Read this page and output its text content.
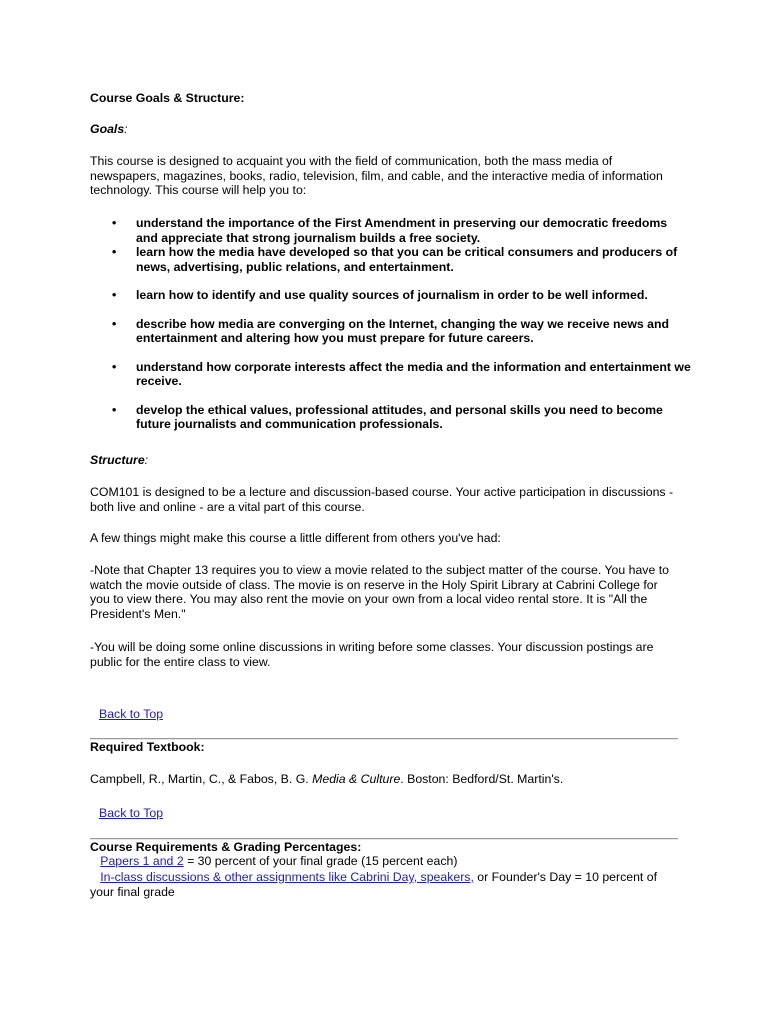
Course Goals & Structure:
Goals:
This course is designed to acquaint you with the field of communication, both the mass media of newspapers, magazines, books, radio, television, film, and cable, and the interactive media of information technology. This course will help you to:
• understand the importance of the First Amendment in preserving our democratic freedoms and appreciate that strong journalism builds a free society.
• learn how the media have developed so that you can be critical consumers and producers of news, advertising, public relations, and entertainment.
• learn how to identify and use quality sources of journalism in order to be well informed.
• describe how media are converging on the Internet, changing the way we receive news and entertainment and altering how you must prepare for future careers.
• understand how corporate interests affect the media and the information and entertainment we receive.
• develop the ethical values, professional attitudes, and personal skills you need to become future journalists and communication professionals.
Structure:
COM101 is designed to be a lecture and discussion-based course. Your active participation in discussions - both live and online - are a vital part of this course.
A few things might make this course a little different from others you've had:
-Note that Chapter 13 requires you to view a movie related to the subject matter of the course. You have to watch the movie outside of class. The movie is on reserve in the Holy Spirit Library at Cabrini College for you to view there. You may also rent the movie on your own from a local video rental store. It is "All the President's Men."
-You will be doing some online discussions in writing before some classes. Your discussion postings are public for the entire class to view.
Back to Top
Required Textbook:
Campbell, R., Martin, C., & Fabos, B. G. Media & Culture. Boston: Bedford/St. Martin's.
Back to Top
Course Requirements & Grading Percentages:
Papers 1 and 2 = 30 percent of your final grade (15 percent each)
In-class discussions & other assignments like Cabrini Day, speakers, or Founder's Day = 10 percent of your final grade
